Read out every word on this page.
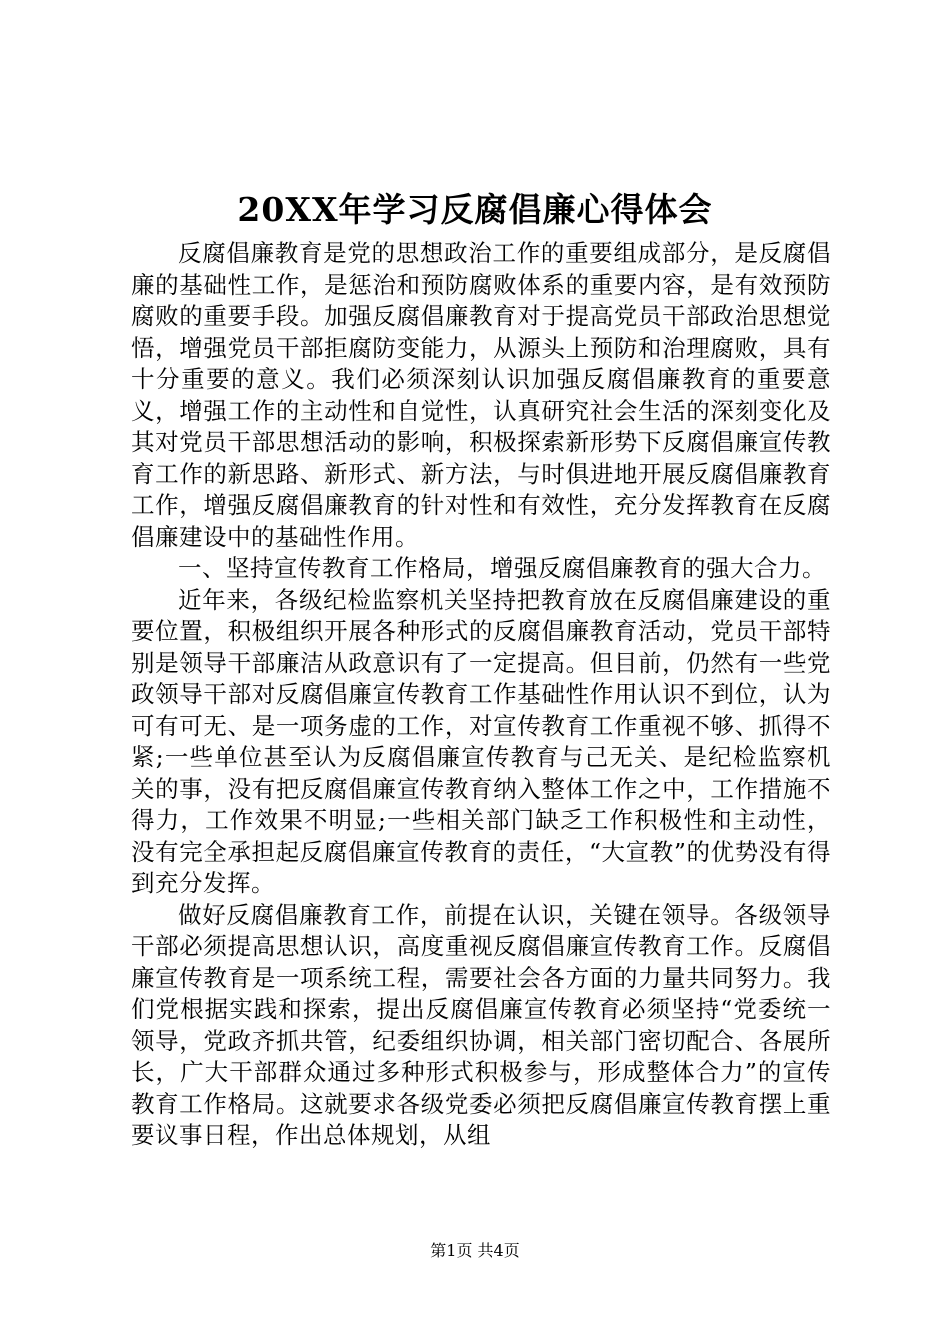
20XX年学习反腐倡廉心得体会

反腐倡廉教育是党的思想政治工作的重要组成部分，是反腐倡廉的基础性工作，是惩治和预防腐败体系的重要内容，是有效预防腐败的重要手段。加强反腐倡廉教育对于提高党员干部政治思想觉悟，增强党员干部拒腐防变能力，从源头上预防和治理腐败，具有十分重要的意义。我们必须深刻认识加强反腐倡廉教育的重要意义，增强工作的主动性和自觉性，认真研究社会生活的深刻变化及其对党员干部思想活动的影响，积极探索新形势下反腐倡廉宣传教育工作的新思路、新形式、新方法，与时俱进地开展反腐倡廉教育工作，增强反腐倡廉教育的针对性和有效性，充分发挥教育在反腐倡廉建设中的基础性作用。

一、坚持宣传教育工作格局，增强反腐倡廉教育的强大合力。

近年来，各级纪检监察机关坚持把教育放在反腐倡廉建设的重要位置，积极组织开展各种形式的反腐倡廉教育活动，党员干部特别是领导干部廉洁从政意识有了一定提高。但目前，仍然有一些党政领导干部对反腐倡廉宣传教育工作基础性作用认识不到位，认为可有可无、是一项务虚的工作，对宣传教育工作重视不够、抓得不紧;一些单位甚至认为反腐倡廉宣传教育与己无关、是纪检监察机关的事，没有把反腐倡廉宣传教育纳入整体工作之中，工作措施不得力，工作效果不明显;一些相关部门缺乏工作积极性和主动性，没有完全承担起反腐倡廉宣传教育的责任，“大宣教”的优势没有得到充分发挥。

做好反腐倡廉教育工作，前提在认识，关键在领导。各级领导干部必须提高思想认识，高度重视反腐倡廉宣传教育工作。反腐倡廉宣传教育是一项系统工程，需要社会各方面的力量共同努力。我们党根据实践和探索，提出反腐倡廉宣传教育必须坚持“党委统一领导，党政齐抓共管，纪委组织协调，相关部门密切配合、各展所长，广大干部群众通过多种形式积极参与，形成整体合力”的宣传教育工作格局。这就要求各级党委必须把反腐倡廉宣传教育摆上重要议事日程，作出总体规划，从组

第1页 共4页
